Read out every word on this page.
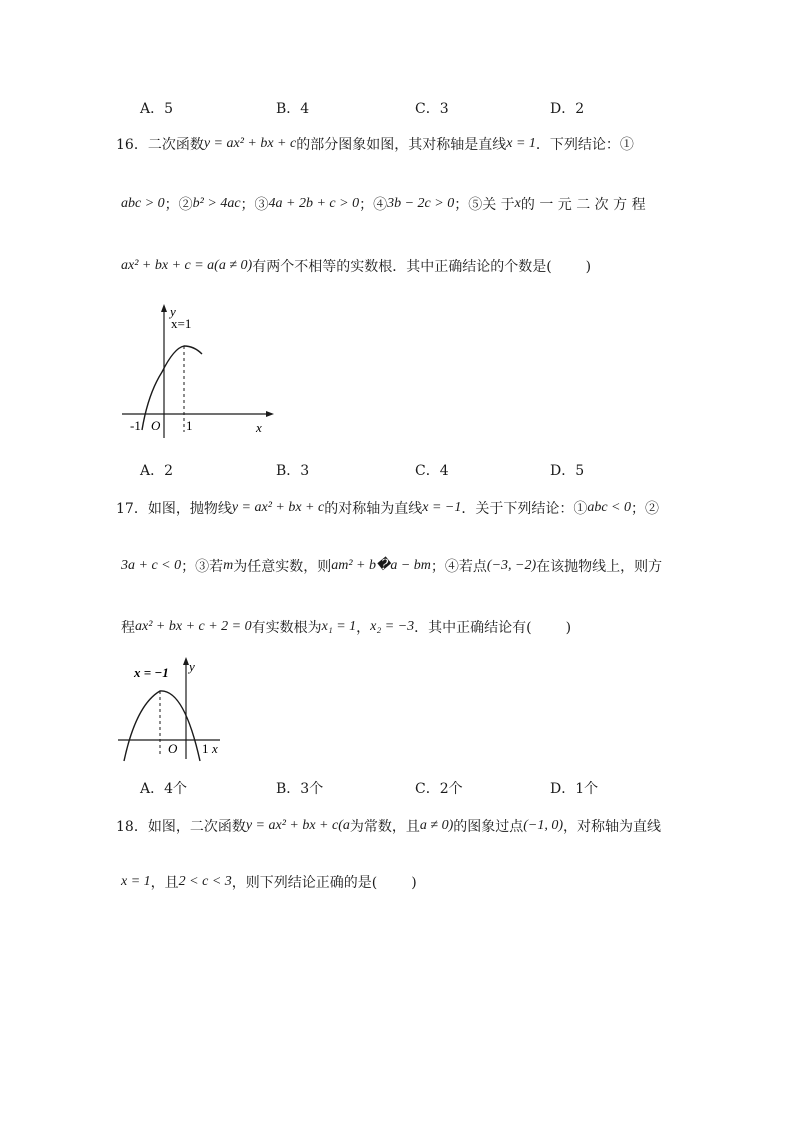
A．5	B．4	C．3	D．2
16．二次函数y = ax² + bx + c的部分图象如图，其对称轴是直线x = 1．下列结论：①
abc > 0；②b² > 4ac；③4a + 2b + c > 0；④3b − 2c > 0；⑤关 于x的 一 元 二 次 方 程
ax² + bx + c = a(a ≠ 0)有两个不相等的实数根．其中正确结论的个数是( )
y
x=1
-1 O 1	x
A．2	B．3	C．4	D．5
17．如图，抛物线y = ax² + bx + c的对称轴为直线x = −1．关于下列结论：①abc < 0；②
3a + c < 0；③若m为任意实数，则am² + b�a − bm；④若点(−3, −2)在该抛物线上，则方
程ax² + bx + c + 2 = 0有实数根为x₁ = 1，x₂ = −3．其中正确结论有( )
x = −1 y
O 1 x
A．4个	B．3个	C．2个	D．1个
18．如图，二次函数y = ax² + bx + c(a为常数，且a ≠ 0)的图象过点(−1, 0)，对称轴为直线
x = 1，且2 < c < 3，则下列结论正确的是( )
